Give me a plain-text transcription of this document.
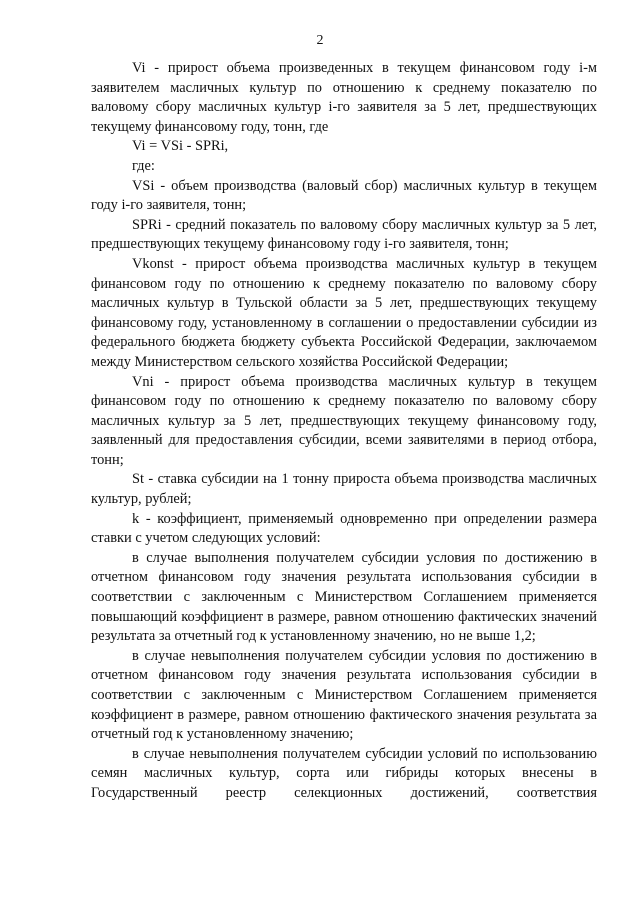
2

Vi - прирост объема произведенных в текущем финансовом году i-м заявителем масличных культур по отношению к среднему показателю по валовому сбору масличных культур i-го заявителя за 5 лет, предшествующих текущему финансовому году, тонн, где

Vi = VSi - SPRi,

где:

VSi - объем производства (валовый сбор) масличных культур в текущем году i-го заявителя, тонн;

SPRi - средний показатель по валовому сбору масличных культур за 5 лет, предшествующих текущему финансовому году i-го заявителя, тонн;

Vkonst - прирост объема производства масличных культур в текущем финансовом году по отношению к среднему показателю по валовому сбору масличных культур в Тульской области за 5 лет, предшествующих текущему финансовому году, установленному в соглашении о предоставлении субсидии из федерального бюджета бюджету субъекта Российской Федерации, заключаемом между Министерством сельского хозяйства Российской Федерации;

Vni - прирост объема производства масличных культур в текущем финансовом году по отношению к среднему показателю по валовому сбору масличных культур за 5 лет, предшествующих текущему финансовому году, заявленный для предоставления субсидии, всеми заявителями в период отбора, тонн;

St - ставка субсидии на 1 тонну прироста объема производства масличных культур, рублей;

k - коэффициент, применяемый одновременно при определении размера ставки с учетом следующих условий:

в случае выполнения получателем субсидии условия по достижению в отчетном финансовом году значения результата использования субсидии в соответствии с заключенным с Министерством Соглашением применяется повышающий коэффициент в размере, равном отношению фактических значений результата за отчетный год к установленному значению, но не выше 1,2;

в случае невыполнения получателем субсидии условия по достижению в отчетном финансовом году значения результата использования субсидии в соответствии с заключенным с Министерством Соглашением применяется коэффициент в размере, равном отношению фактического значения результата за отчетный год к установленному значению;

в случае невыполнения получателем субсидии условий по использованию семян масличных культур, сорта или гибриды которых внесены в Государственный реестр селекционных достижений, соответствия
